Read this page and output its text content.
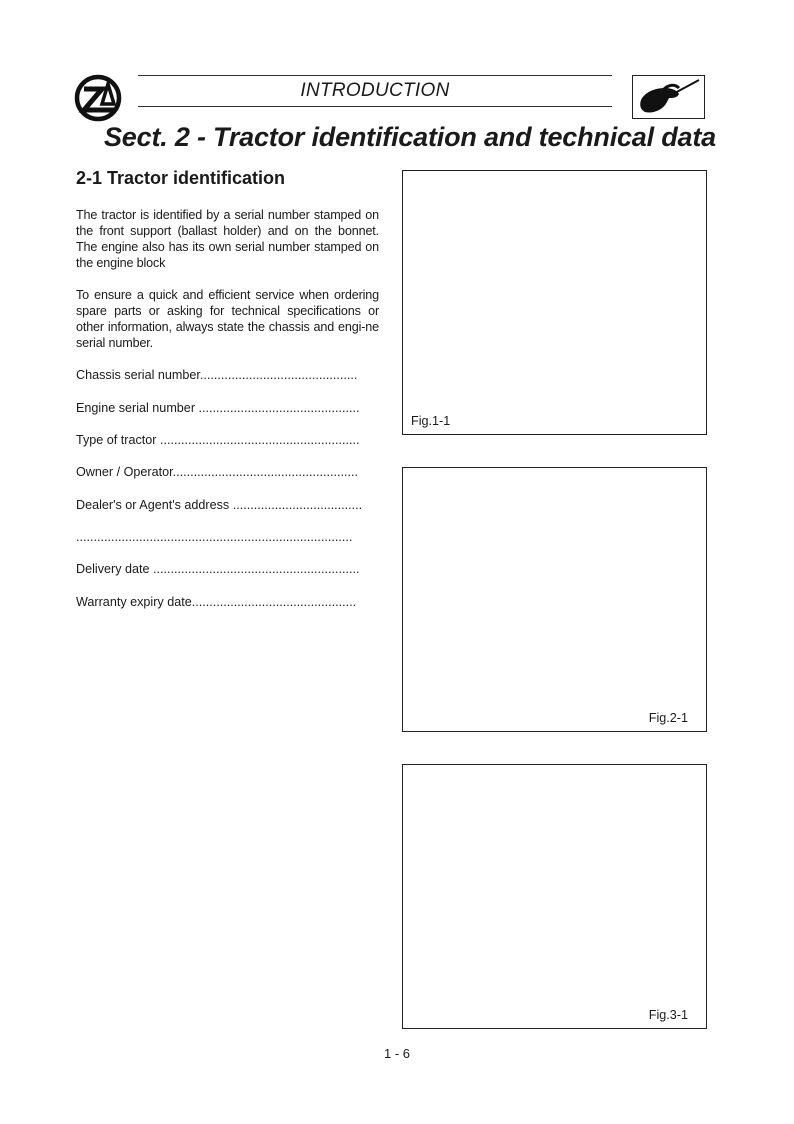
INTRODUCTION
Sect. 2 - Tractor identification and technical data
2-1 Tractor identification
The tractor is identified by a serial number stamped on the front support (ballast holder) and on the bonnet. The engine also has its own serial number stamped on the engine block
To ensure a quick and efficient service when ordering spare parts or asking for technical specifications or other information, always state the chassis and engi-ne serial number.
Chassis serial number.............................................
Engine serial number ..............................................
Type of tractor .........................................................
Owner / Operator.....................................................
Dealer's or Agent's address .....................................
...............................................................................
Delivery date ...........................................................
Warranty expiry date...............................................
Fig.1-1
Fig.2-1
Fig.3-1
1 - 6
